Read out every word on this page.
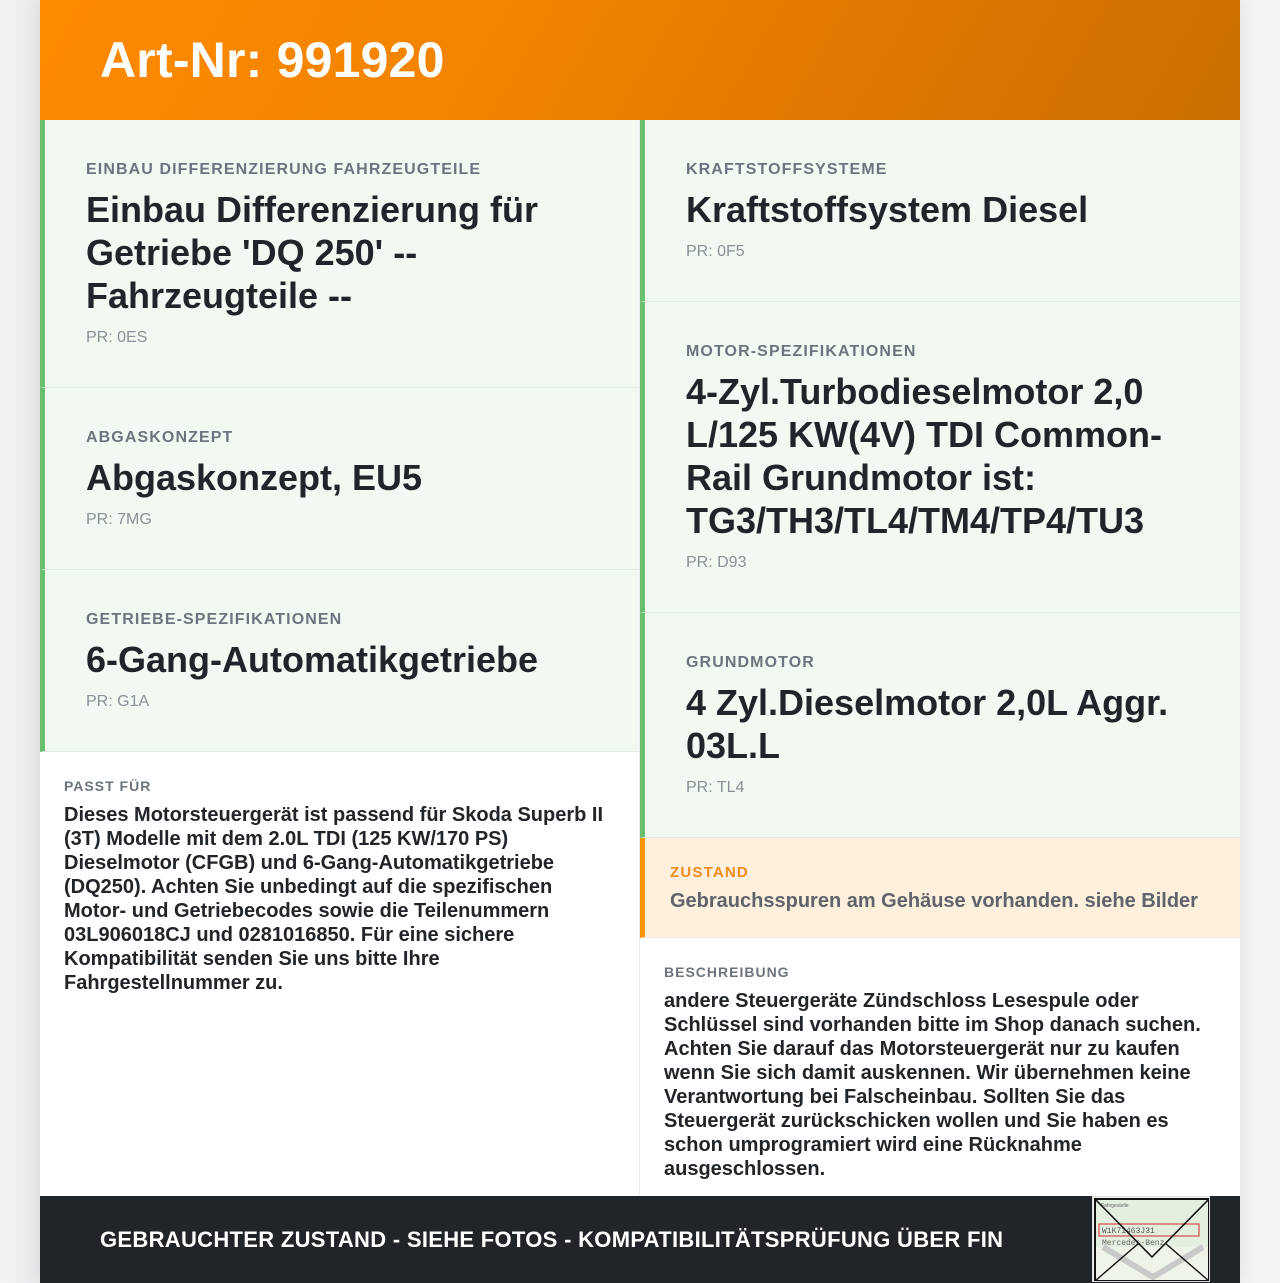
Art-Nr: 991920
EINBAU DIFFERENZIERUNG FAHRZEUGTEILE
Einbau Differenzierung für Getriebe 'DQ 250' -- Fahrzeugteile --
PR: 0ES
ABGASKONZEPT
Abgaskonzept, EU5
PR: 7MG
GETRIEBE-SPEZIFIKATIONEN
6-Gang-Automatikgetriebe
PR: G1A
PASST FÜR
Dieses Motorsteuergerät ist passend für Skoda Superb II (3T) Modelle mit dem 2.0L TDI (125 KW/170 PS) Dieselmotor (CFGB) und 6-Gang-Automatikgetriebe (DQ250). Achten Sie unbedingt auf die spezifischen Motor- und Getriebecodes sowie die Teilenummern 03L906018CJ und 0281016850. Für eine sichere Kompatibilität senden Sie uns bitte Ihre Fahrgestellnummer zu.
KRAFTSTOFFSYSTEME
Kraftstoffsystem Diesel
PR: 0F5
MOTOR-SPEZIFIKATIONEN
4-Zyl.Turbodieselmotor 2,0 L/125 KW(4V) TDI Common-Rail Grundmotor ist: TG3/TH3/TL4/TM4/TP4/TU3
PR: D93
GRUNDMOTOR
4 Zyl.Dieselmotor 2,0L Aggr. 03L.L
PR: TL4
ZUSTAND
Gebrauchsspuren am Gehäuse vorhanden. siehe Bilder
BESCHREIBUNG
andere Steuergeräte Zündschloss Lesespule oder Schlüssel sind vorhanden bitte im Shop danach suchen. Achten Sie darauf das Motorsteuergerät nur zu kaufen wenn Sie sich damit auskennen. Wir übernehmen keine Verantwortung bei Falscheinbau. Sollten Sie das Steuergerät zurückschicken wollen und Sie haben es schon umprogramiert wird eine Rücknahme ausgeschlossen.
GEBRAUCHTER ZUSTAND - SIEHE FOTOS - KOMPATIBILITÄTSPRÜFUNG ÜBER FIN
Fahrgestelle
W1K71463J31
Mercedes-Benz
